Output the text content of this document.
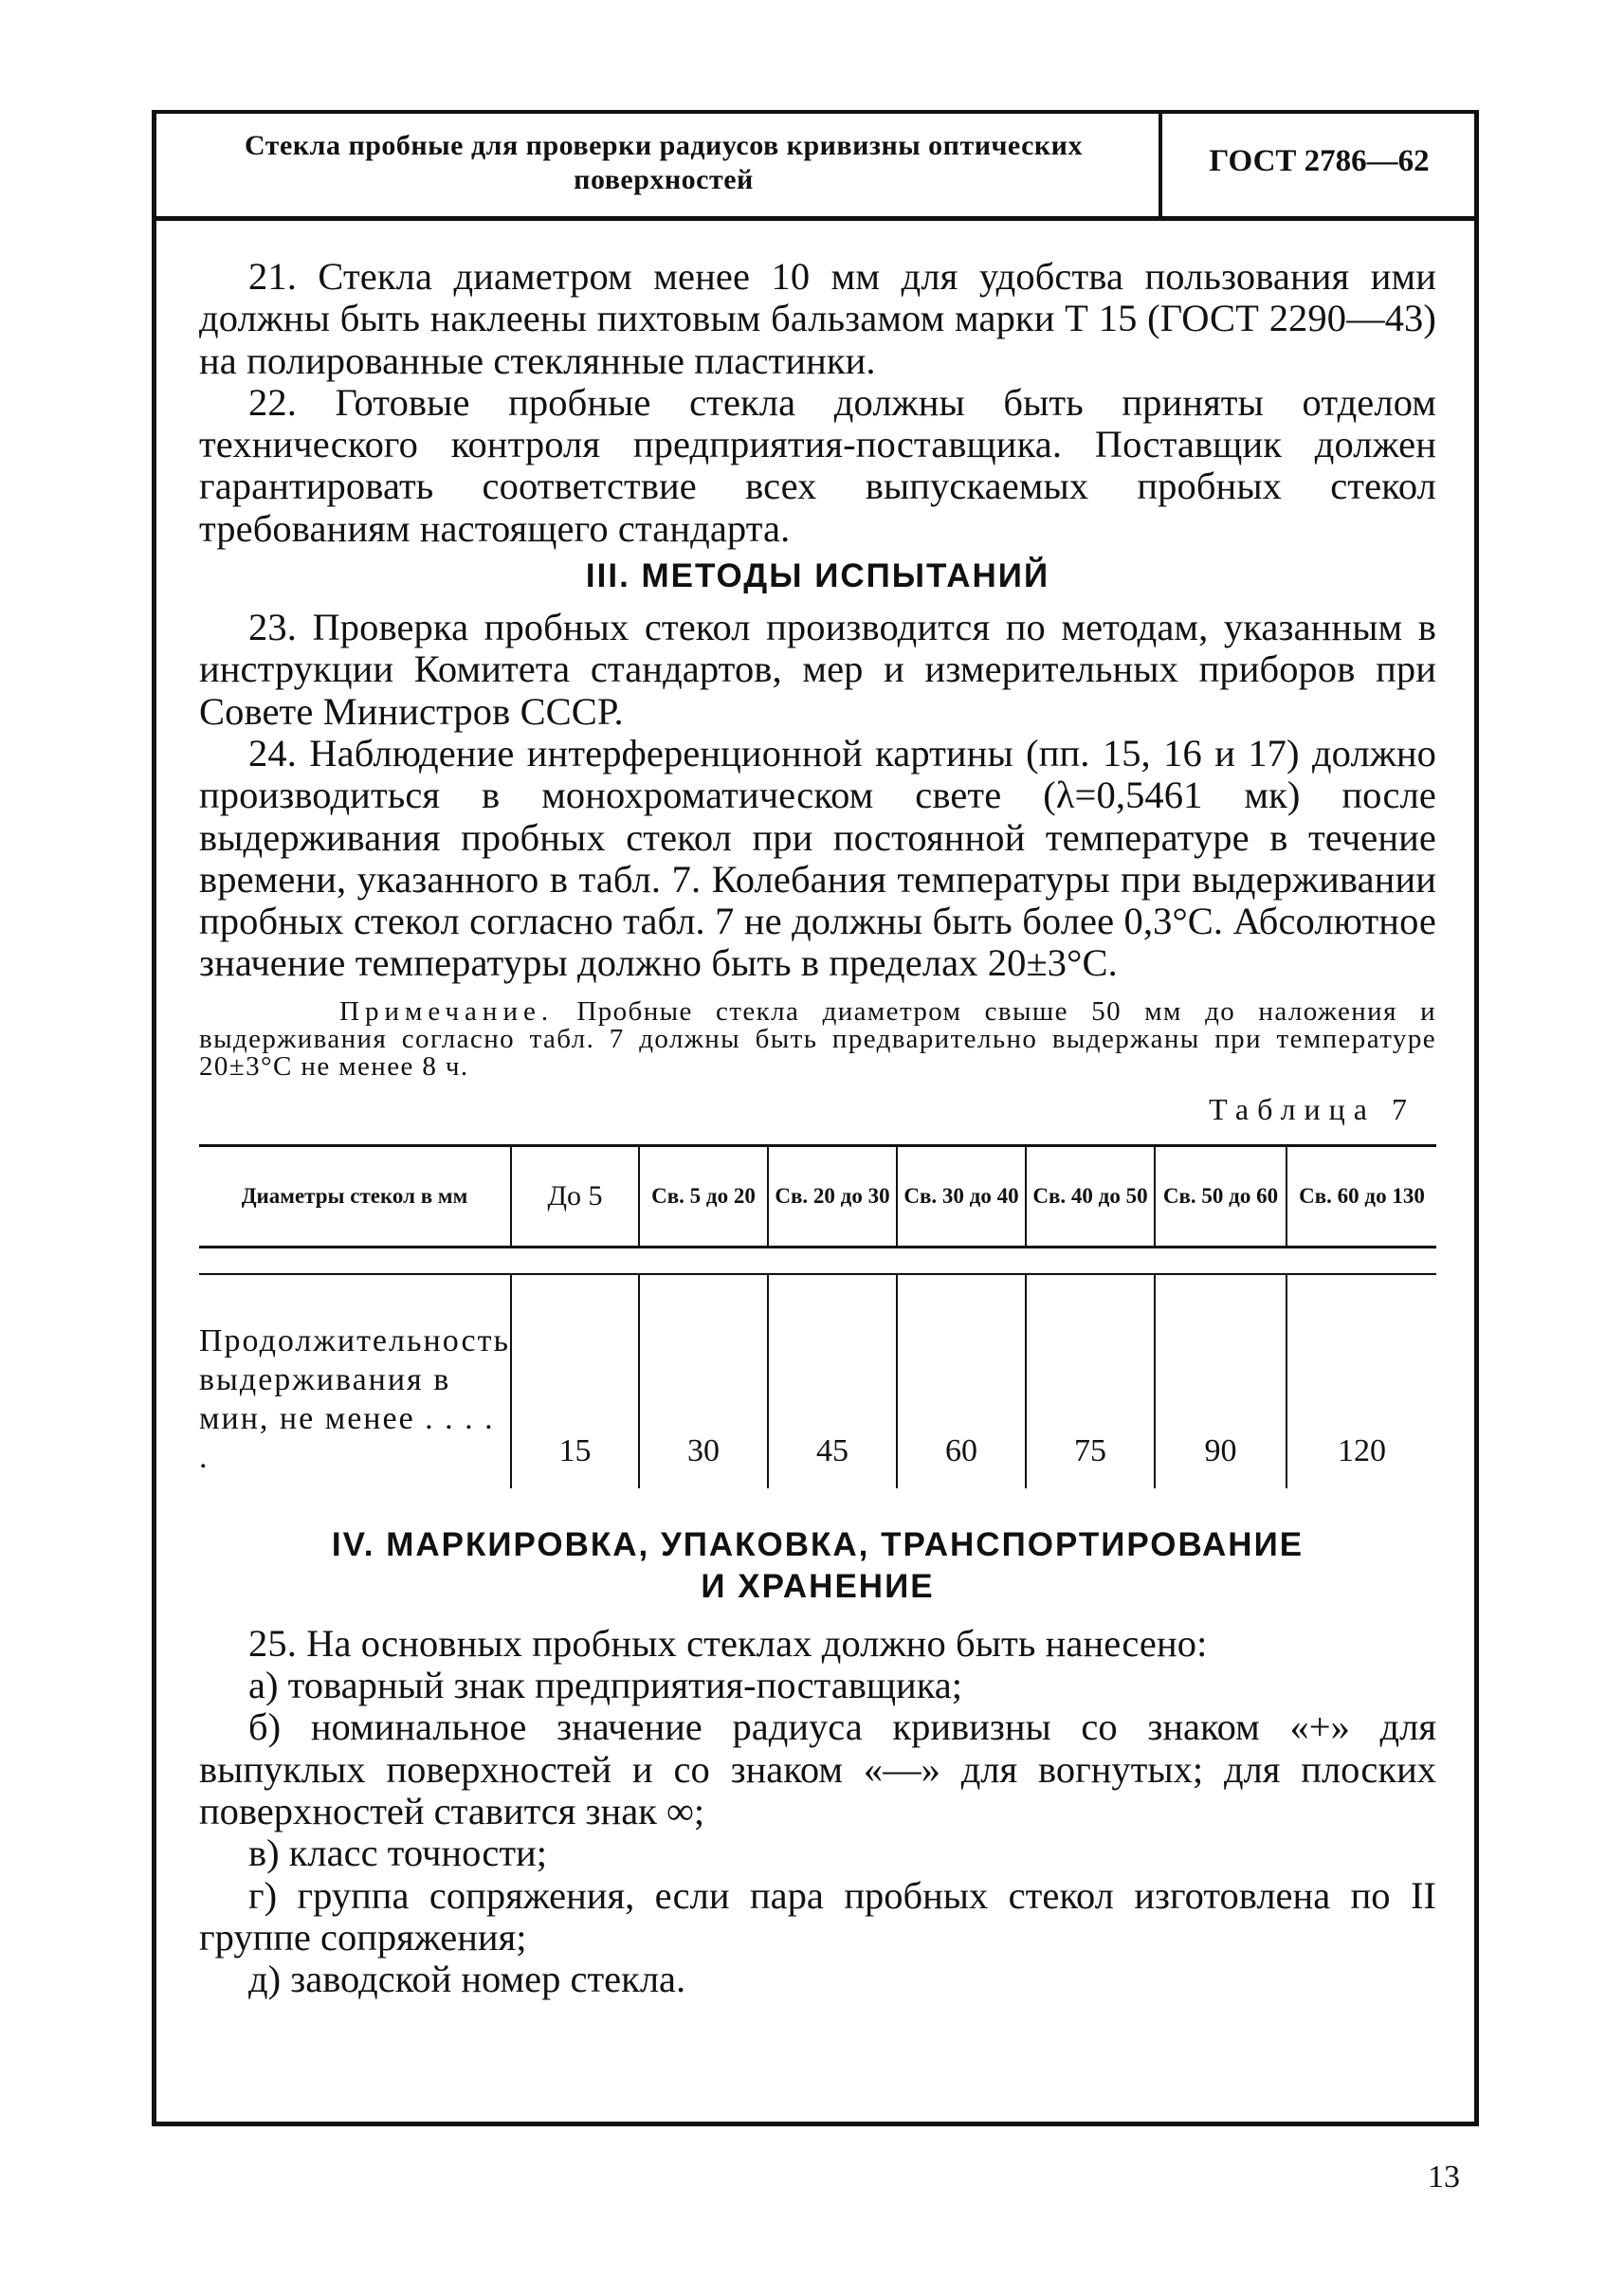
Стекла пробные для проверки радиусов кривизны оптических поверхностей
ГОСТ 2786—62

21. Стекла диаметром менее 10 мм для удобства пользования ими должны быть наклеены пихтовым бальзамом марки Т 15 (ГОСТ 2290—43) на полированные стеклянные пластинки.

22. Готовые пробные стекла должны быть приняты отделом технического контроля предприятия-поставщика. Поставщик должен гарантировать соответствие всех выпускаемых пробных стекол требованиям настоящего стандарта.

III. МЕТОДЫ ИСПЫТАНИЙ

23. Проверка пробных стекол производится по методам, указанным в инструкции Комитета стандартов, мер и измерительных приборов при Совете Министров СССР.

24. Наблюдение интерференционной картины (пп. 15, 16 и 17) должно производиться в монохроматическом свете (λ=0,5461 мк) после выдерживания пробных стекол при постоянной температуре в течение времени, указанного в табл. 7. Колебания температуры при выдерживании пробных стекол согласно табл. 7 не должны быть более 0,3°С. Абсолютное значение температуры должно быть в пределах 20±3°С.

Примечание. Пробные стекла диаметром свыше 50 мм до наложения и выдерживания согласно табл. 7 должны быть предварительно выдержаны при температуре 20±3°С не менее 8 ч.

Таблица 7

Диаметры стекол в мм	До 5	Св. 5 до 20	Св. 20 до 30	Св. 30 до 40	Св. 40 до 50	Св. 50 до 60	Св. 60 до 130

Продолжительность выдерживания в мин, не менее . . . . .	15	30	45	60	75	90	120

IV. МАРКИРОВКА, УПАКОВКА, ТРАНСПОРТИРОВАНИЕ
И ХРАНЕНИЕ

25. На основных пробных стеклах должно быть нанесено:

а) товарный знак предприятия-поставщика;

б) номинальное значение радиуса кривизны со знаком «+» для выпуклых поверхностей и со знаком «—» для вогнутых; для плоских поверхностей ставится знак ∞;

в) класс точности;

г) группа сопряжения, если пара пробных стекол изготовлена по II группе сопряжения;

д) заводской номер стекла.

13
